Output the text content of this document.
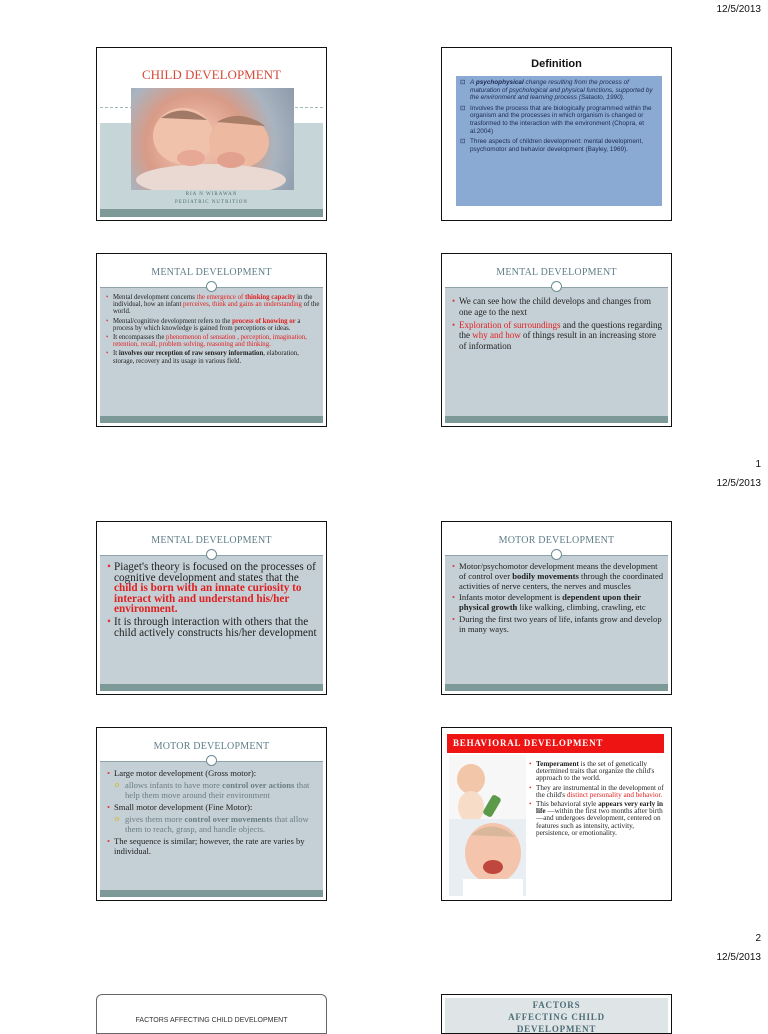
12/5/2013
1
12/5/2013
2
12/5/2013
CHILD DEVELOPMENT
RIA N WIRAWAN
PEDIATRIC NUTRITION
Definition
⊡ A psychophysical change resulting from the process of maturation of psychological and physical functions, supported by the environment and learning process (Sataoto, 1990).
⊡ Involves the process that are biologically programmed within the organism and the processes in which organism is changed or trasformed to the interaction with the environment (Chopra, et al.2004)
⊡ Three aspects of children development: mental development, psychomotor and behavior development (Bayley, 1969).
MENTAL DEVELOPMENT
• Mental development concerns the emergence of thinking capacity in the individual, how an infant perceives, think and gains an understanding of the world.
• Mental/cognitive development refers to the process of knowing or a process by which knowledge is gained from perceptions or ideas.
• It encompasses the phenomenon of sensation , perception, imagination, retention, recall, problem solving, reasoning and thinking.
• It involves our reception of raw sensory information, elaboration, storage, recovery and its usage in various field.
MENTAL DEVELOPMENT
• We can see how the child develops and changes from one age to the next
• Exploration of surroundings and the questions regarding the why and how of things result in an increasing store of information
MENTAL DEVELOPMENT
• Piaget's theory is focused on the processes of cognitive development and states that the child is born with an innate curiosity to interact with and understand his/her environment.
• It is through interaction with others that the child actively constructs his/her development
MOTOR DEVELOPMENT
• Motor/psychomotor development means the development of control over bodily movements through the coordinated activities of nerve centers, the nerves and muscles
• Infants motor development is dependent upon their physical growth like walking, climbing, crawling, etc
• During the first two years of life, infants grow and develop in many ways.
MOTOR DEVELOPMENT
• Large motor development (Gross motor):
o allows infants to have more control over actions that help them move around their environment
• Small motor development (Fine Motor):
o gives them more control over movements that allow them to reach, grasp, and handle objects.
• The sequence is similar; however, the rate are varies by individual.
BEHAVIORAL DEVELOPMENT
• Temperament is the set of genetically determined traits that organize the child's approach to the world.
• They are instrumental in the development of the child's distinct personality and behavior.
• This behavioral style appears very early in life —within the first two months after birth—and undergoes development, centered on features such as intensity, activity, persistence, or emotionality.
FACTORS AFFECTING CHILD DEVELOPMENT
FACTORS AFFECTING CHILD DEVELOPMENT
